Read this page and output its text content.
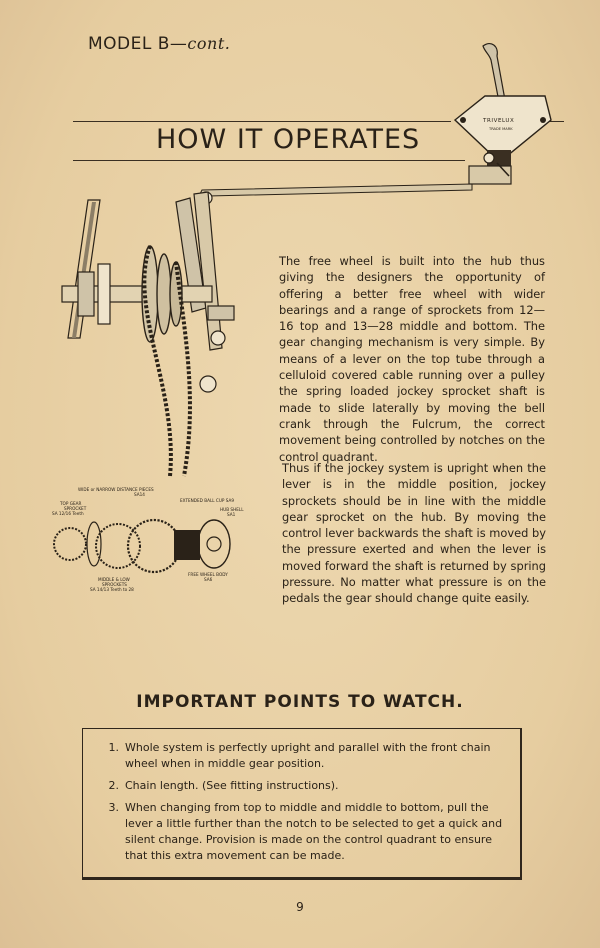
MODEL B—cont.
HOW IT OPERATES
TRIVELUX
TRADE MARK
WIDE or NARROW DISTANCE PIECES
SA14
TOP GEAR
SPROCKET
SA 12/16 Teeth
EXTENDED BALL CUP SA9
HUB SHELL
SA1
MIDDLE & LOW
SPROCKETS
SA 14/13 Teeth to 28
FREE WHEEL BODY
SA6
The free wheel is built into the hub thus giving the designers the opportunity of offering a better free wheel with wider bearings and a range of sprockets from 12—16 top and 13—28 middle and bottom. The gear changing mechanism is very simple. By means of a lever on the top tube through a celluloid covered cable running over a pulley the spring loaded jockey sprocket shaft is made to slide laterally by moving the bell crank through the Fulcrum, the correct movement being controlled by notches on the control quadrant.
Thus if the jockey system is upright when the lever is in the middle position, jockey sprockets should be in line with the middle gear sprocket on the hub. By moving the control lever backwards the shaft is moved by the pressure exerted and when the lever is moved forward the shaft is returned by spring pressure. No matter what pressure is on the pedals the gear should change quite easily.
IMPORTANT POINTS TO WATCH.
1. Whole system is perfectly upright and parallel with the front chain wheel when in middle gear position.
2. Chain length. (See fitting instructions).
3. When changing from top to middle and middle to bottom, pull the lever a little further than the notch to be selected to get a quick and silent change. Provision is made on the control quadrant to ensure that this extra movement can be made.
9
